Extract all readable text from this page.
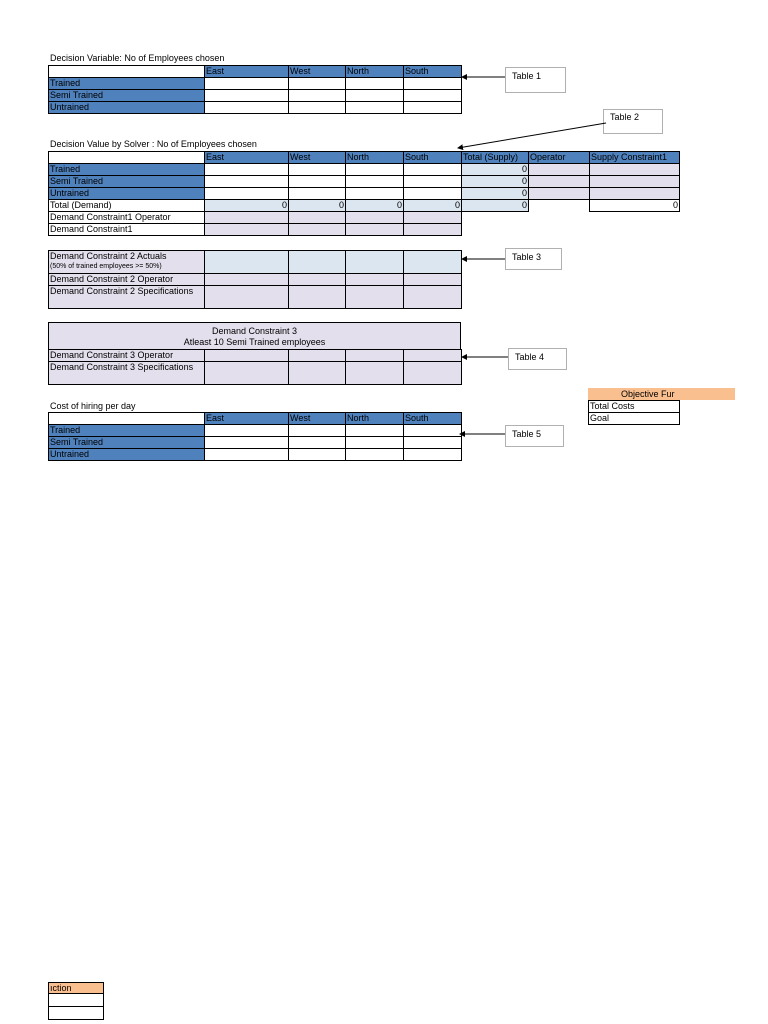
Decision Variable: No of Employees chosen
	East	West	North	South
Trained				
Semi Trained				
Untrained				
Decision Value by Solver : No of Employees chosen
	East	West	North	South	Total (Supply)	Operator	Supply Constraint1
Trained					0		
Semi Trained					0		
Untrained					0		
Total (Demand)	0	0	0	0	0		0
Demand Constraint1 Operator							
Demand Constraint1							
Demand Constraint 2 Actuals
(50% of trained employees >= 50%)				

Demand Constraint 2 Operator				
Demand Constraint 2 Specifications				
Demand Constraint 3
Atleast 10 Semi Trained employees
Demand Constraint 3 Operator				
Demand Constraint 3 Specifications				
Cost of hiring per day
	East	West	North	South
Trained				
Semi Trained				
Untrained				
Objective Fur
Total Costs
Goal
ıction
Table 1
Table 2
Table 3
Table 4
Table 5
